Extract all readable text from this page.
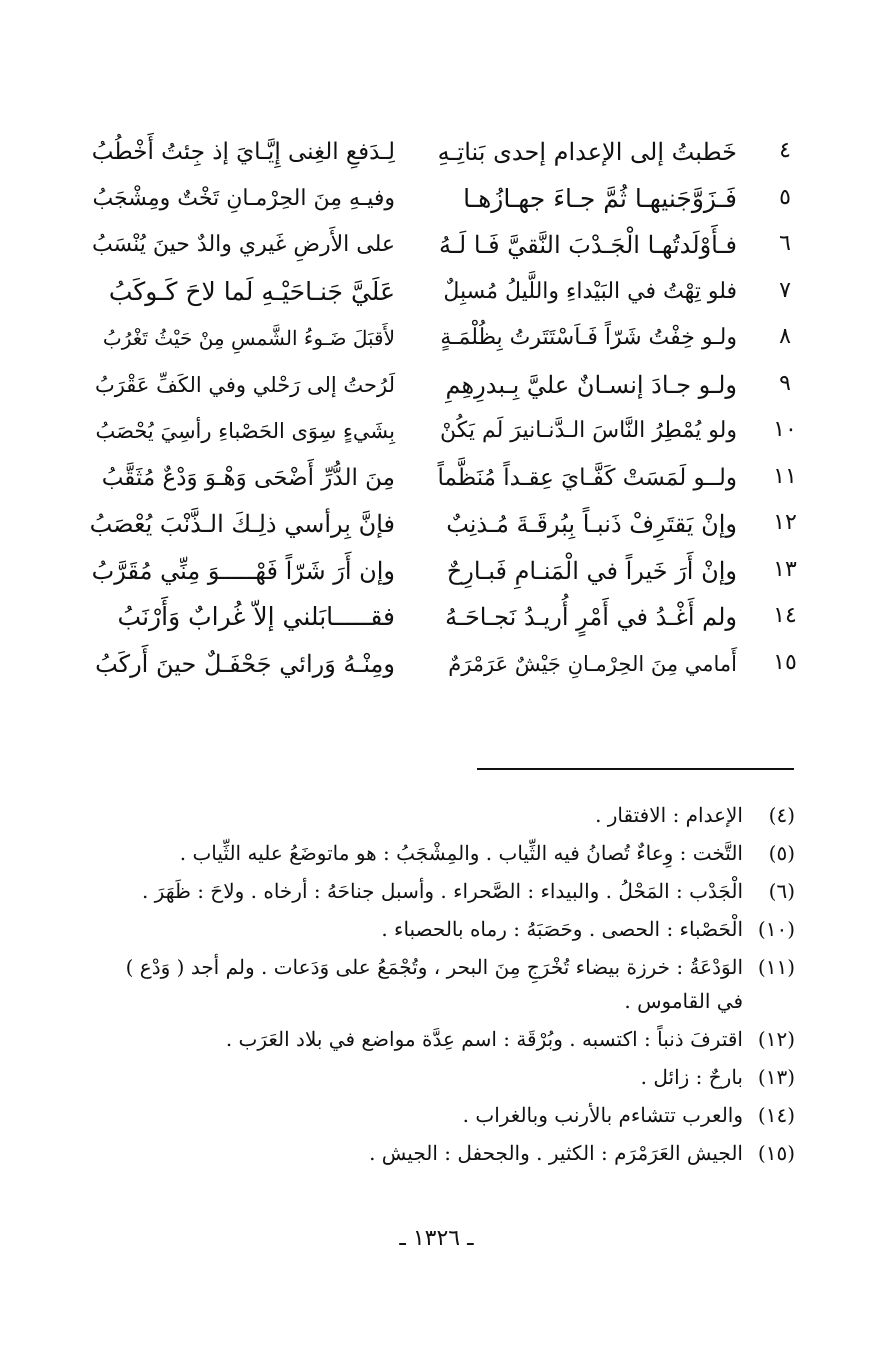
٤
خَطبتُ إلى الإعدام إحدى بَناتِـهِ
لِـدَفعِ الغِنى إِيَّـايَ إذ جِئتُ أَخْطُبُ
٥
فَـزَوَّجَنيهـا ثُمَّ جـاءَ جهـازُهـا
وفيـهِ مِنَ الحِرْمـانِ تَخْتٌ ومِشْجَبُ
٦
فـأَوْلَدتُهـا الْجَـدْبَ النَّقيَّ فَـا لَـهُ
على الأَرضِ غَيري والدٌ حينَ يُنْسَبُ
٧
فلو تِهْتُ في البَيْداءِ واللَّيلُ مُسبِلٌ
عَلَيَّ جَنـاحَيْـهِ لَما لاحَ كَـوكَبُ
٨
ولـو خِفْتُ شَرّاً فَـاَسْتَتَرتُ بِظُلْمَـةٍ
لأَقبَلَ ضَـوءُ الشَّمسِ مِنْ حَيْثُ تَغْرُبُ
٩
ولـو جـادَ إنسـانٌ عليَّ بِـبدرِهِمِ
لَرُحتُ إلى رَحْلي وفي الكَفِّ عَقْرَبُ
١٠
ولو يُمْطِرُ النَّاسَ الـدَّنـانيرَ لَم يَكُنْ
بِشَيءٍ سِوَى الحَصْباءِ رأسِيَ يُحْصَبُ
١١
ولــو لَمَسَتْ كَفَّـايَ عِقـداً مُنَظَّماً
مِنَ الدُّرِّ أَضْحَى وَهْـوَ وَدْعٌ مُثَقَّبُ
١٢
وإنْ يَقتَرِفْ ذَنبـاً بِبُرقَـةَ مُـذنِبٌ
فإنَّ بِرأسي ذلِـكَ الـذَّنْبَ يُعْصَبُ
١٣
وإنْ أَرَ خَيراً في الْمَنـامِ فَبـارِحٌ
وإن أَرَ شَرّاً فَهْـــــوَ مِنِّي مُقَرَّبُ
١٤
ولم أَغْـدُ في أَمْرٍ أُريـدُ نَجـاحَـهُ
فقـــــابَلني إلاّ غُرابٌ وَأَرْنَبُ
١٥
أَمامي مِنَ الحِرْمـانِ جَيْشٌ عَرَمْرَمٌ
ومِنْـهُ وَرائي جَحْفَـلٌ حينَ أَركَبُ
(٤)
الإعدام : الافتقار .
(٥)
التَّخت : وِعاءٌ تُصانُ فيه الثِّياب . والمِشْجَبُ : هو ماتوضَعُ عليه الثِّياب .
(٦)
الْجَدْب : المَحْلُ . والبيداء : الصَّحراء . وأسبل جناحَهُ : أرخاه . ولاحَ : ظَهَرَ .
(١٠)
الْحَصْباء : الحصى . وحَصَبَهُ : رماه بالحصباء .
(١١)
الوَدْعَةُ : خرزة بيضاء تُخْرَجِ مِنَ البحر ، وتُجْمَعُ على وَدَعات . ولم أجد ( وَدْع ) في القاموس .
(١٢)
اقترفَ ذنباً : اكتسبه . وبُرْقَة : اسم عِدَّة مواضع في بلاد العَرَب .
(١٣)
بارحٌ : زائل .
(١٤)
والعرب تتشاءم بالأرنب وبالغراب .
(١٥)
الجيش العَرَمْرَم : الكثير . والجحفل : الجيش .
ـ ١٣٢٦ ـ
